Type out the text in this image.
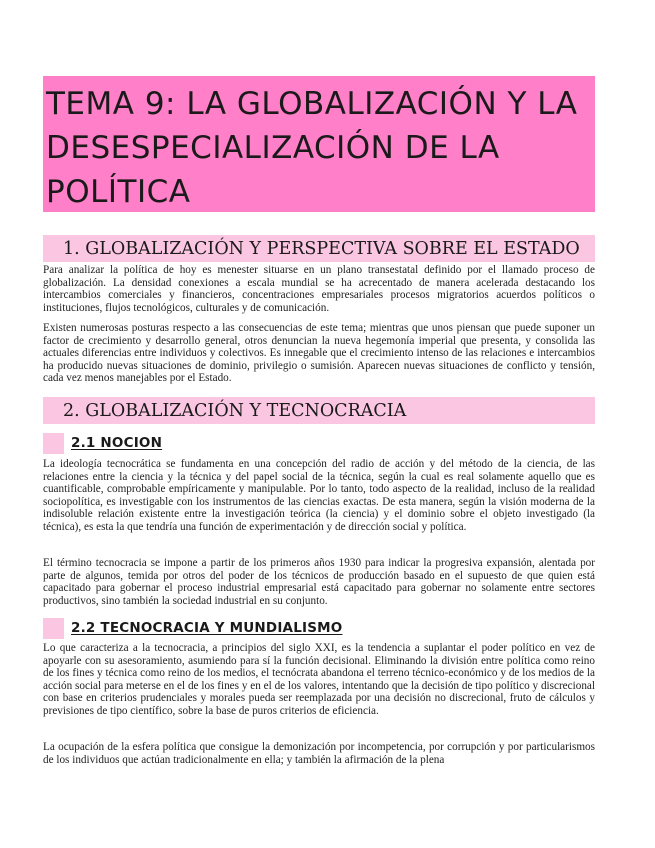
TEMA 9: LA GLOBALIZACIÓN Y LA DESESPECIALIZACIÓN DE LA POLÍTICA
1. GLOBALIZACIÓN Y PERSPECTIVA SOBRE EL ESTADO

Para analizar la política de hoy es menester situarse en un plano transestatal definido por el llamado proceso de globalización. La densidad conexiones a escala mundial se ha acrecentado de manera acelerada destacando los intercambios comerciales y financieros, concentraciones empresariales procesos migratorios acuerdos políticos o instituciones, flujos tecnológicos, culturales y de comunicación.

Existen numerosas posturas respecto a las consecuencias de este tema; mientras que unos piensan que puede suponer un factor de crecimiento y desarrollo general, otros denuncian la nueva hegemonía imperial que presenta, y consolida las actuales diferencias entre individuos y colectivos. Es innegable que el crecimiento intenso de las relaciones e intercambios ha producido nuevas situaciones de dominio, privilegio o sumisión. Aparecen nuevas situaciones de conflicto y tensión, cada vez menos manejables por el Estado.

2. GLOBALIZACIÓN Y TECNOCRACIA
2.1 NOCION

La ideología tecnocrática se fundamenta en una concepción del radio de acción y del método de la ciencia, de las relaciones entre la ciencia y la técnica y del papel social de la técnica, según la cual es real solamente aquello que es cuantificable, comprobable empíricamente y manipulable. Por lo tanto, todo aspecto de la realidad, incluso de la realidad sociopolítica, es investigable con los instrumentos de las ciencias exactas. De esta manera, según la visión moderna de la indisoluble relación existente entre la investigación teórica (la ciencia) y el dominio sobre el objeto investigado (la técnica), es esta la que tendría una función de experimentación y de dirección social y política.

El término tecnocracia se impone a partir de los primeros años 1930 para indicar la progresiva expansión, alentada por parte de algunos, temida por otros del poder de los técnicos de producción basado en el supuesto de que quien está capacitado para gobernar el proceso industrial empresarial está capacitado para gobernar no solamente entre sectores productivos, sino también la sociedad industrial en su conjunto.

2.2 TECNOCRACIA Y MUNDIALISMO

Lo que caracteriza a la tecnocracia, a principios del siglo XXI, es la tendencia a suplantar el poder político en vez de apoyarle con su asesoramiento, asumiendo para sí la función decisional. Eliminando la división entre política como reino de los fines y técnica como reino de los medios, el tecnócrata abandona el terreno técnico-económico y de los medios de la acción social para meterse en el de los fines y en el de los valores, intentando que la decisión de tipo político y discrecional con base en criterios prudenciales y morales pueda ser reemplazada por una decisión no discrecional, fruto de cálculos y previsiones de tipo científico, sobre la base de puros criterios de eficiencia.

La ocupación de la esfera política que consigue la demonización por incompetencia, por corrupción y por particularismos de los individuos que actúan tradicionalmente en ella; y también la afirmación de la plena
